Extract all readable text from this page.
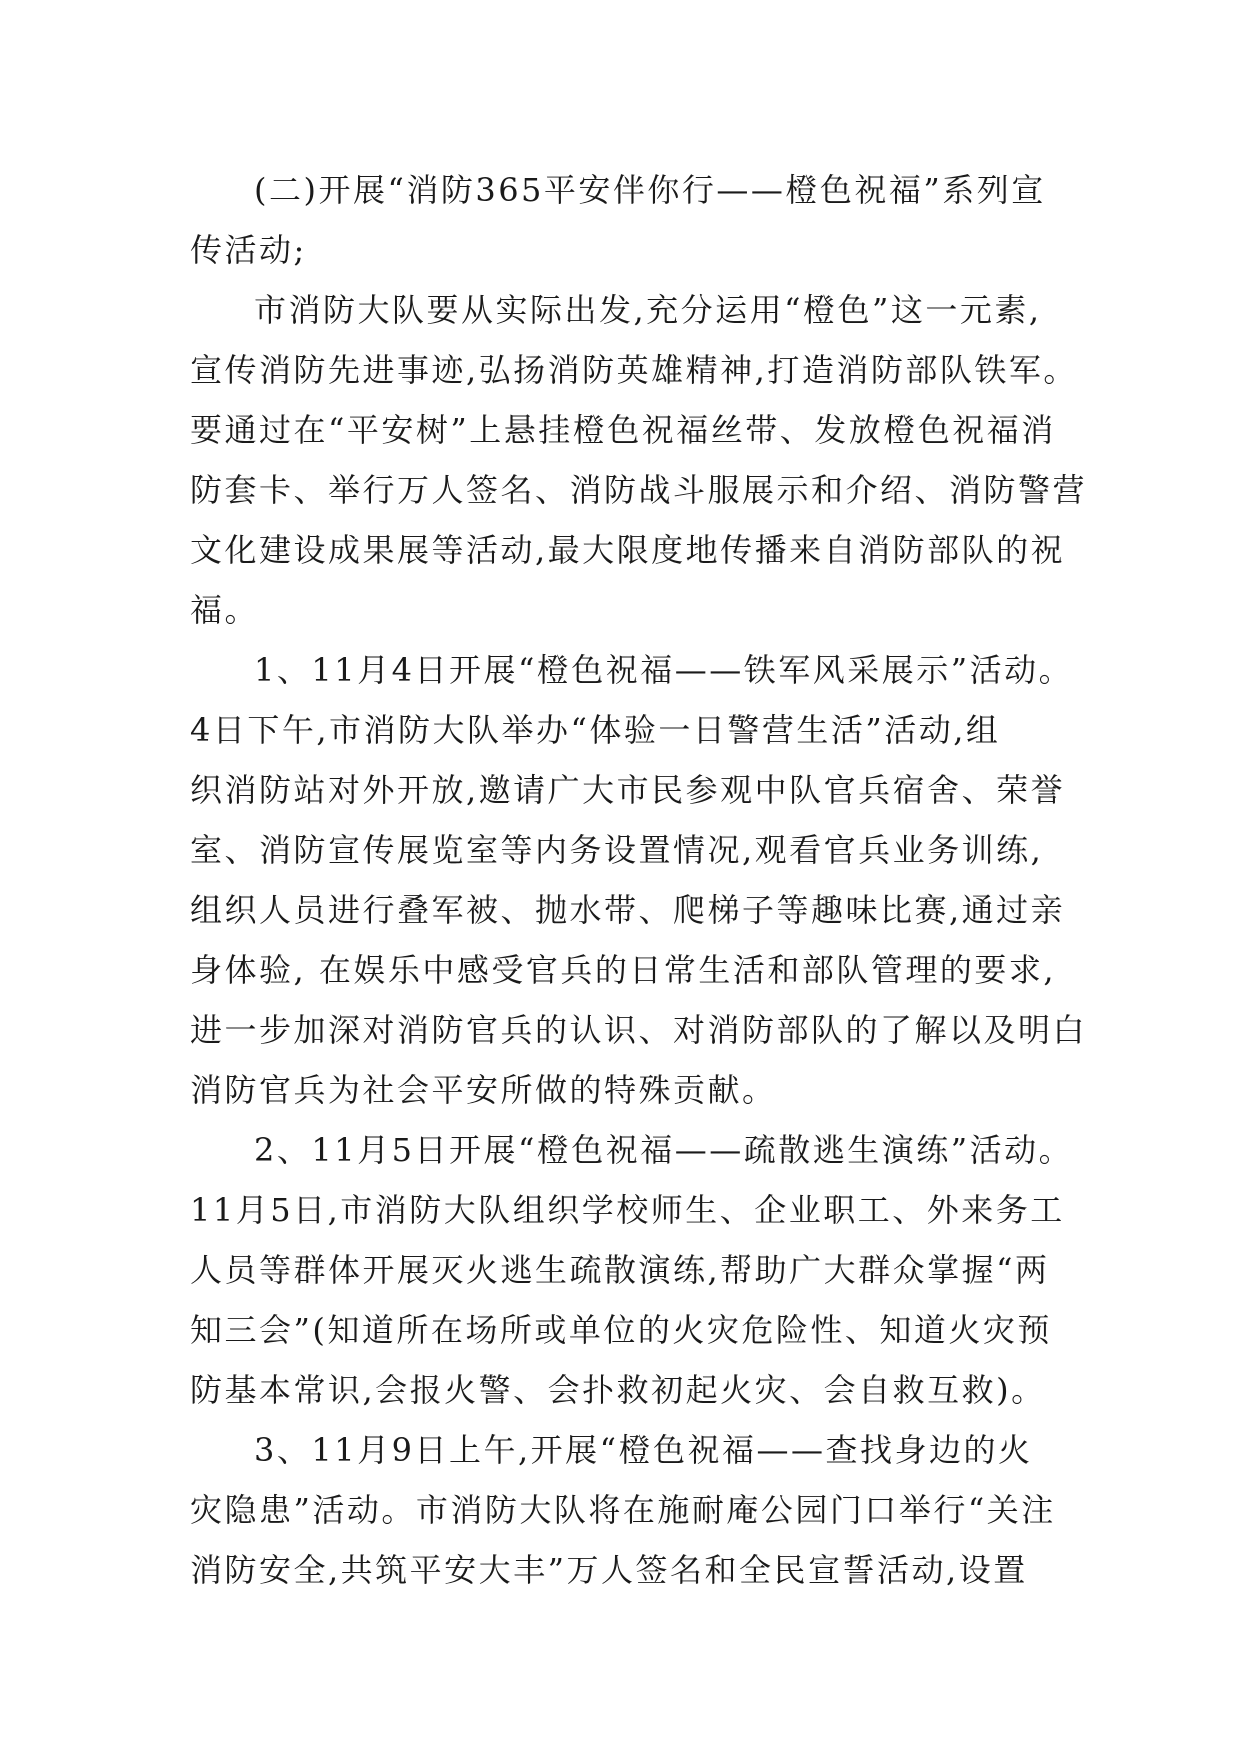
(二)开展“消防365平安伴你行——橙色祝福”系列宣
传活动;
市消防大队要从实际出发,充分运用“橙色”这一元素,
宣传消防先进事迹,弘扬消防英雄精神,打造消防部队铁军。
要通过在“平安树”上悬挂橙色祝福丝带、发放橙色祝福消
防套卡、举行万人签名、消防战斗服展示和介绍、消防警营
文化建设成果展等活动,最大限度地传播来自消防部队的祝
福。
1、11月4日开展“橙色祝福——铁军风采展示”活动。
4日下午,市消防大队举办“体验一日警营生活”活动,组
织消防站对外开放,邀请广大市民参观中队官兵宿舍、荣誉
室、消防宣传展览室等内务设置情况,观看官兵业务训练,
组织人员进行叠军被、抛水带、爬梯子等趣味比赛,通过亲
身体验, 在娱乐中感受官兵的日常生活和部队管理的要求,
进一步加深对消防官兵的认识、对消防部队的了解以及明白
消防官兵为社会平安所做的特殊贡献。
2、11月5日开展“橙色祝福——疏散逃生演练”活动。
11月5日,市消防大队组织学校师生、企业职工、外来务工
人员等群体开展灭火逃生疏散演练,帮助广大群众掌握“两
知三会”(知道所在场所或单位的火灾危险性、知道火灾预
防基本常识,会报火警、会扑救初起火灾、会自救互救)。
3、11月9日上午,开展“橙色祝福——查找身边的火
灾隐患”活动。市消防大队将在施耐庵公园门口举行“关注
消防安全,共筑平安大丰”万人签名和全民宣誓活动,设置
